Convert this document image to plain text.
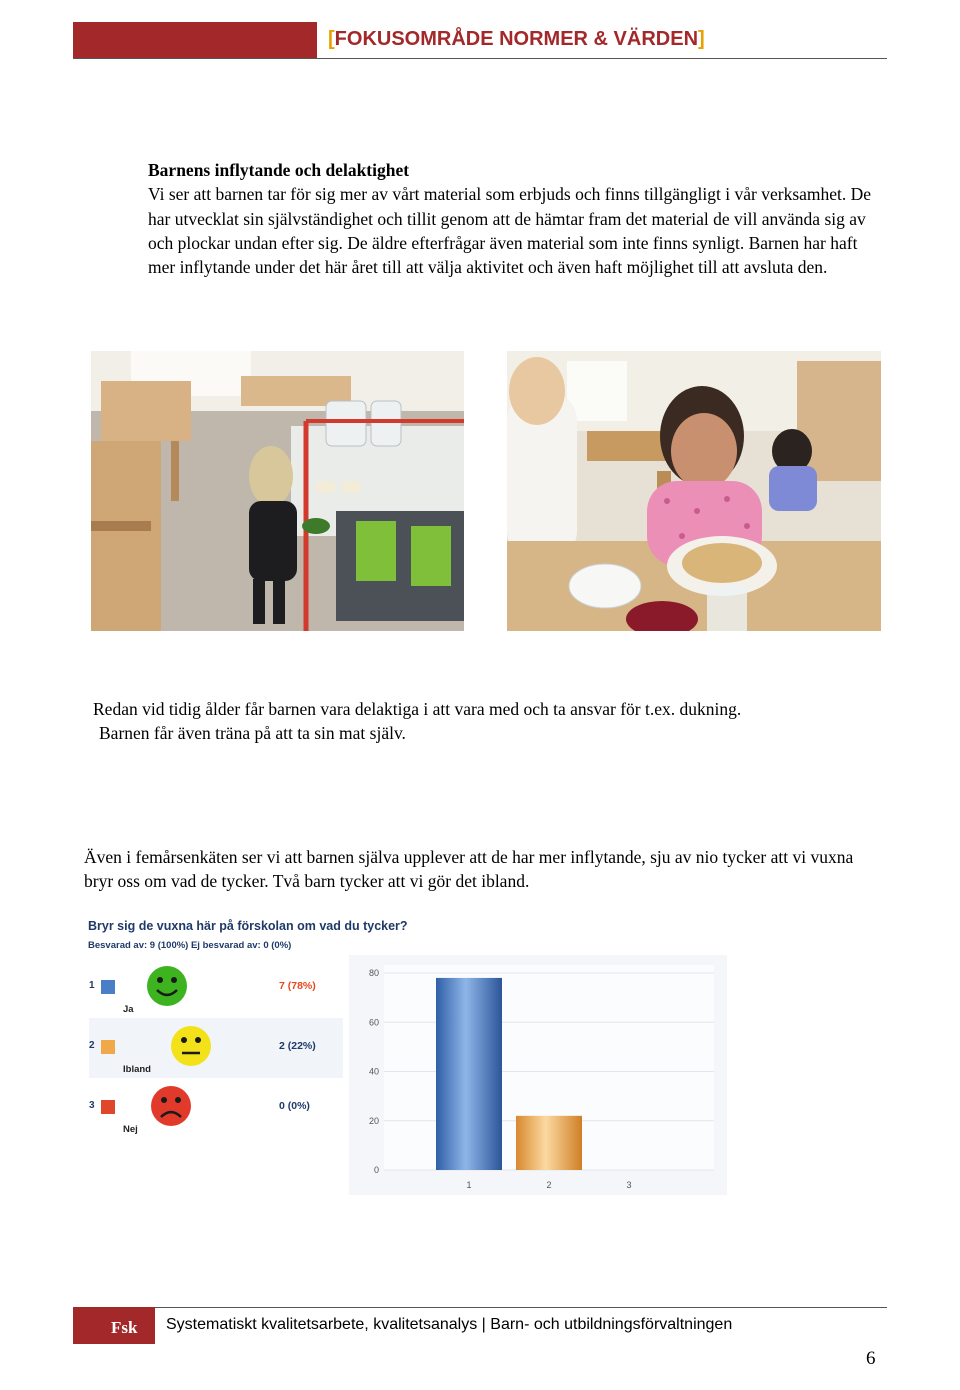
[FOKUSOMRÅDE NORMER & VÄRDEN]
Barnens inflytande och delaktighet

Vi ser att barnen tar för sig mer av vårt material som erbjuds och finns tillgängligt i vår verksamhet. De har utvecklat sin självständighet och tillit genom att de hämtar fram det material de vill använda sig av och plockar undan efter sig. De äldre efterfrågar även material som inte finns synligt. Barnen har haft mer inflytande under det här året till att välja aktivitet och även haft möjlighet till att avsluta den.

Redan vid tidig ålder får barnen vara delaktiga i att vara med och ta ansvar för t.ex. dukning.
Barnen får även träna på att ta sin mat själv.
Även i femårsenkäten ser vi att barnen själva upplever att de har mer inflytande, sju av nio tycker att vi vuxna bryr oss om vad de tycker. Två barn tycker att vi gör det ibland.
Bryr sig de vuxna här på förskolan om vad du tycker?
Besvarad av: 9 (100%) Ej besvarad av: 0 (0%)
1
Ja
7 (78%)
2
Ibland
2 (22%)
3
Nej
0 (0%)
0
20
40
60
80
1	2	3
Fsk Systematiskt kvalitetsarbete, kvalitetsanalys | Barn- och utbildningsförvaltningen
6
